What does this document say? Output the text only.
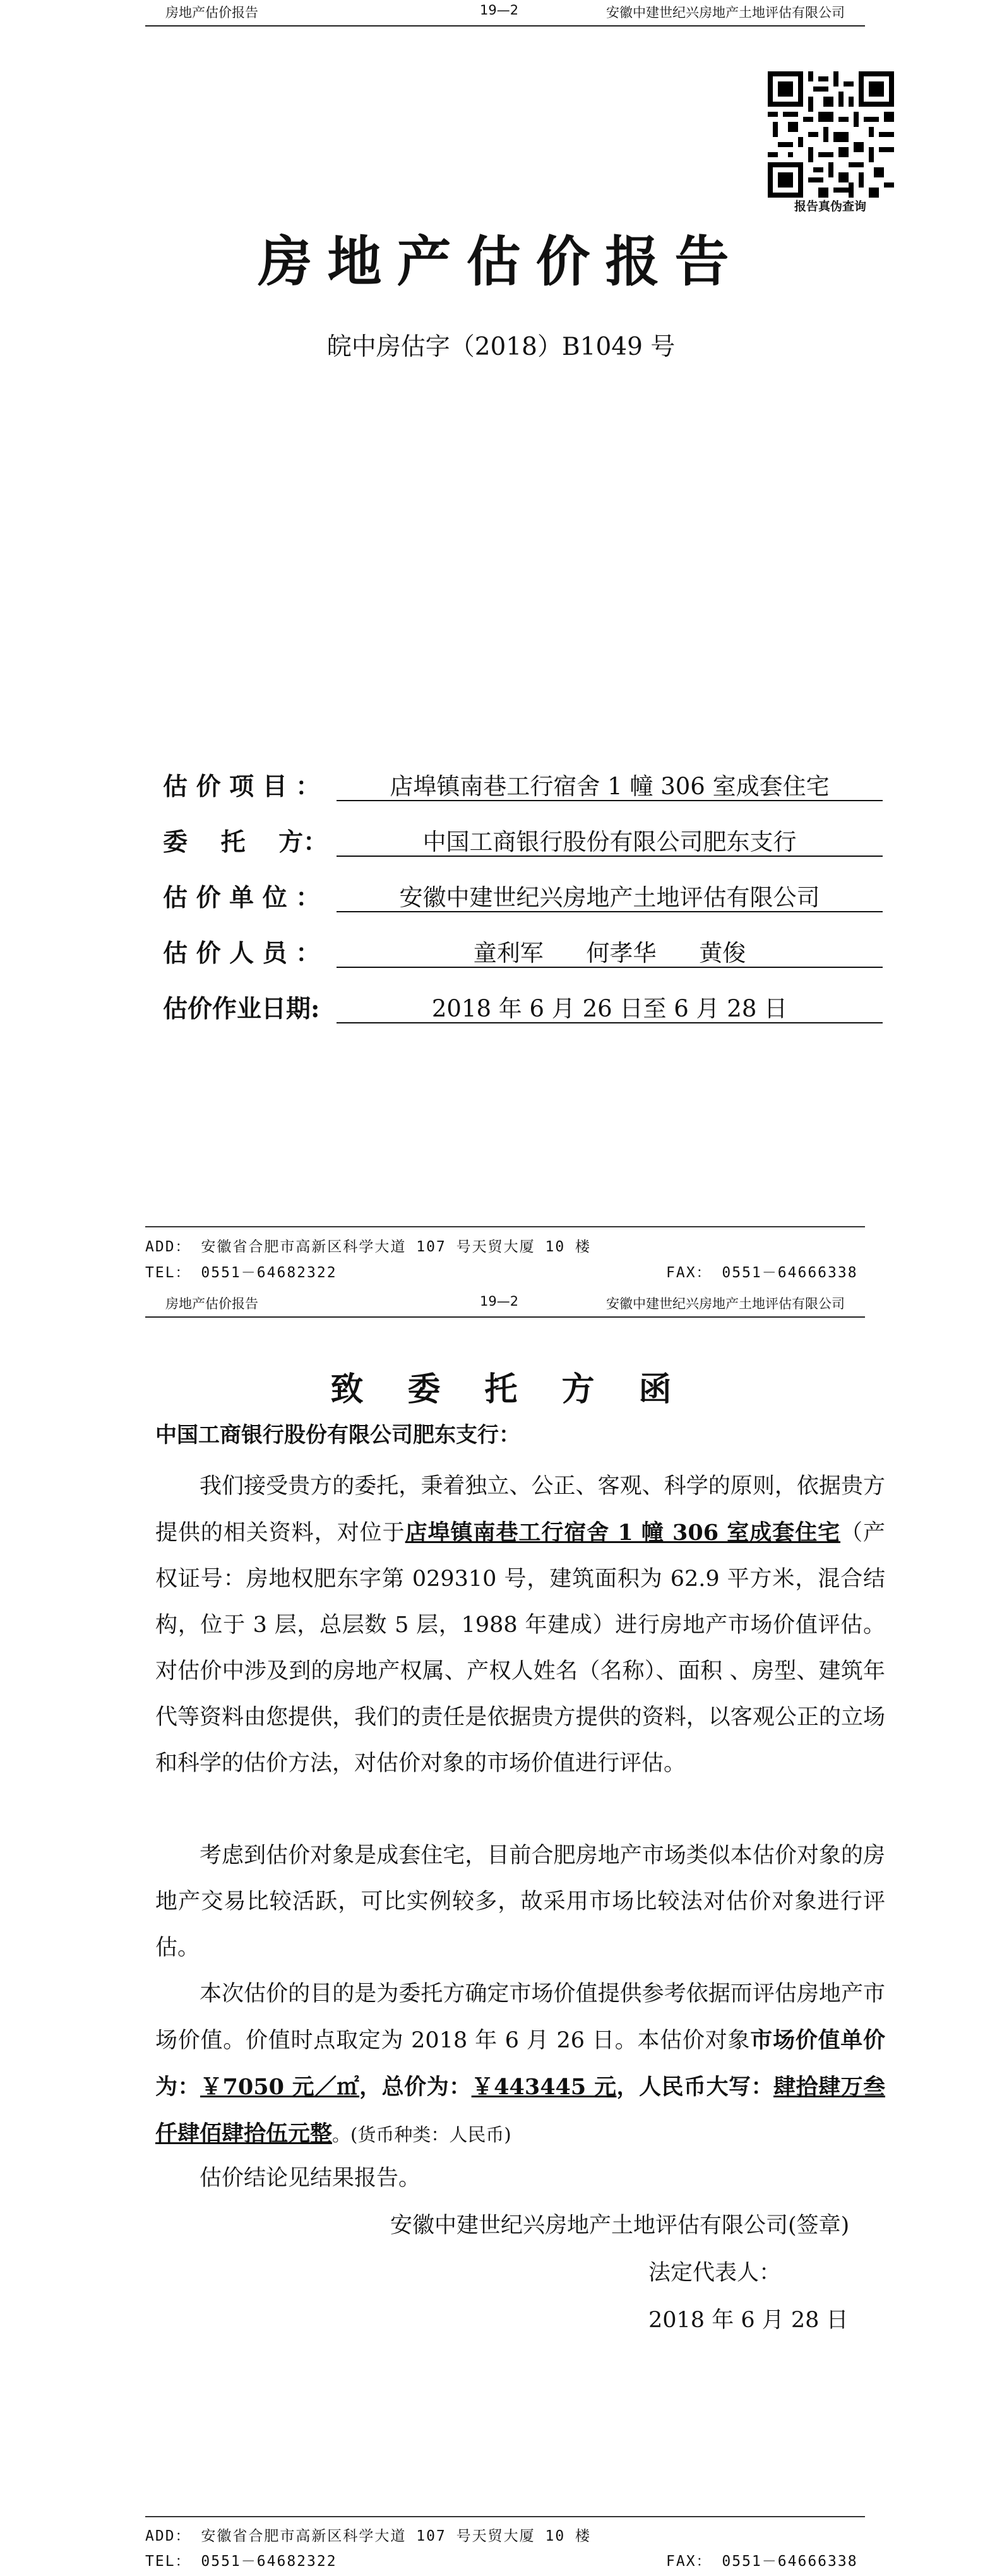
房地产估价报告	19—2	安徽中建世纪兴房地产土地评估有限公司
报告真伪查询
房地产估价报告
皖中房估字（2018）B1049 号
估 价 项 目 ：	店埠镇南巷工行宿舍 1 幢 306 室成套住宅
委　 托　 方：	中国工商银行股份有限公司肥东支行
估 价 单 位 ：	安徽中建世纪兴房地产土地评估有限公司
估 价 人 员 ：	童利军 何孝华 黄俊
估价作业日期:	2018 年 6 月 26 日至 6 月 28 日
ADD： 安徽省合肥市高新区科学大道 107 号天贸大厦 10 楼
TEL： 0551－64682322	FAX： 0551－64666338
房地产估价报告	19—2	安徽中建世纪兴房地产土地评估有限公司
致委托方函
中国工商银行股份有限公司肥东支行：

我们接受贵方的委托，秉着独立、公正、客观、科学的原则，依据贵方提供的相关资料，对位于店埠镇南巷工行宿舍 1 幢 306 室成套住宅（产权证号：房地权肥东字第 029310 号，建筑面积为 62.9 平方米，混合结构，位于 3 层，总层数 5 层，1988 年建成）进行房地产市场价值评估。对估价中涉及到的房地产权属、产权人姓名（名称）、面积 、房型、建筑年代等资料由您提供，我们的责任是依据贵方提供的资料，以客观公正的立场和科学的估价方法，对估价对象的市场价值进行评估。

考虑到估价对象是成套住宅，目前合肥房地产市场类似本估价对象的房地产交易比较活跃，可比实例较多，故采用市场比较法对估价对象进行评估。

本次估价的目的是为委托方确定市场价值提供参考依据而评估房地产市场价值。价值时点取定为 2018 年 6 月 26 日。本估价对象市场价值单价为：￥7050 元／㎡，总价为：￥443445 元，人民币大写：肆拾肆万叁仟肆佰肆拾伍元整。(货币种类：人民币)

估价结论见结果报告。

安徽中建世纪兴房地产土地评估有限公司(签章)
法定代表人：
2018 年 6 月 28 日
ADD： 安徽省合肥市高新区科学大道 107 号天贸大厦 10 楼
TEL： 0551－64682322	FAX： 0551－64666338
